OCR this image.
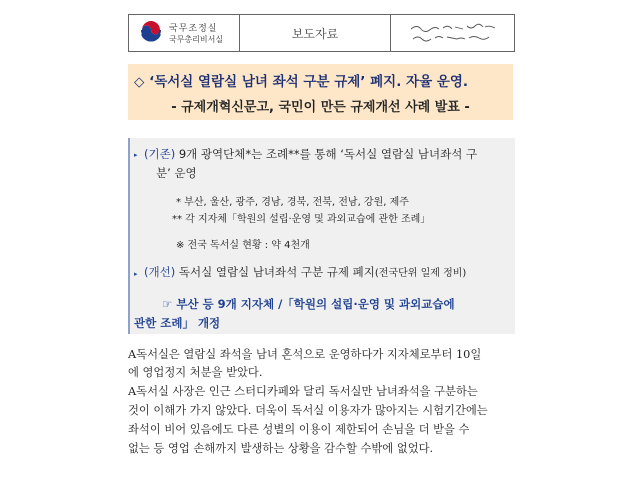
국무조정실
국무총리비서실	보도자료
◇ ‘독서실 열람실 남녀 좌석 구분 규제’ 폐지. 자율 운영.
- 규제개혁신문고, 국민이 만든 규제개선 사례 발표 -
▸ (기존) 9개 광역단체*는 조례**를 통해 ‘독서실 열람실 남녀좌석 구
분’ 운영
* 부산, 울산, 광주, 경남, 경북, 전북, 전남, 강원, 제주
** 각 지자체「학원의 설립·운영 및 과외교습에 관한 조례」
※ 전국 독서실 현황 : 약 4천개
▸ (개선) 독서실 열람실 남녀좌석 구분 규제 폐지(전국단위 일제 정비)
☞ 부산 등 9개 지자체 /「학원의 설립·운영 및 과외교습에
관한 조례」 개정
A독서실은 열람실 좌석을 남녀 혼석으로 운영하다가 지자체로부터 10일
에 영업정지 처분을 받았다.
A독서실 사장은 인근 스터디카페와 달리 독서실만 남녀좌석을 구분하는
것이 이해가 가지 않았다. 더욱이 독서실 이용자가 많아지는 시험기간에는
좌석이 비어 있음에도 다른 성별의 이용이 제한되어 손님을 더 받을 수
없는 등 영업 손해까지 발생하는 상황을 감수할 수밖에 없었다.
